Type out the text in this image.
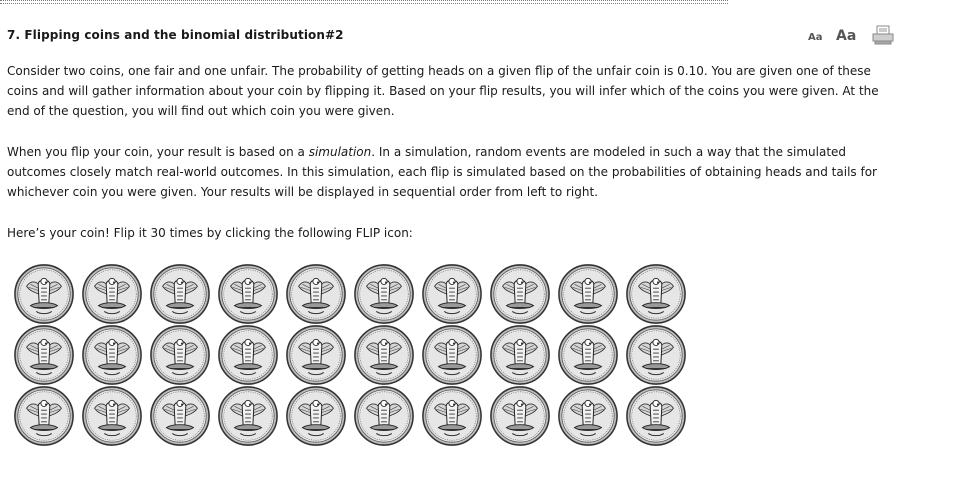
7. Flipping coins and the binomial distribution#2	Aa Aa

Consider two coins, one fair and one unfair. The probability of getting heads on a given flip of the unfair coin is 0.10. You are given one of these coins and will gather information about your coin by flipping it. Based on your flip results, you will infer which of the coins you were given. At the end of the question, you will find out which coin you were given.

When you flip your coin, your result is based on a simulation. In a simulation, random events are modeled in such a way that the simulated outcomes closely match real-world outcomes. In this simulation, each flip is simulated based on the probabilities of obtaining heads and tails for whichever coin you were given. Your results will be displayed in sequential order from left to right.

Here’s your coin! Flip it 30 times by clicking the following FLIP icon:
